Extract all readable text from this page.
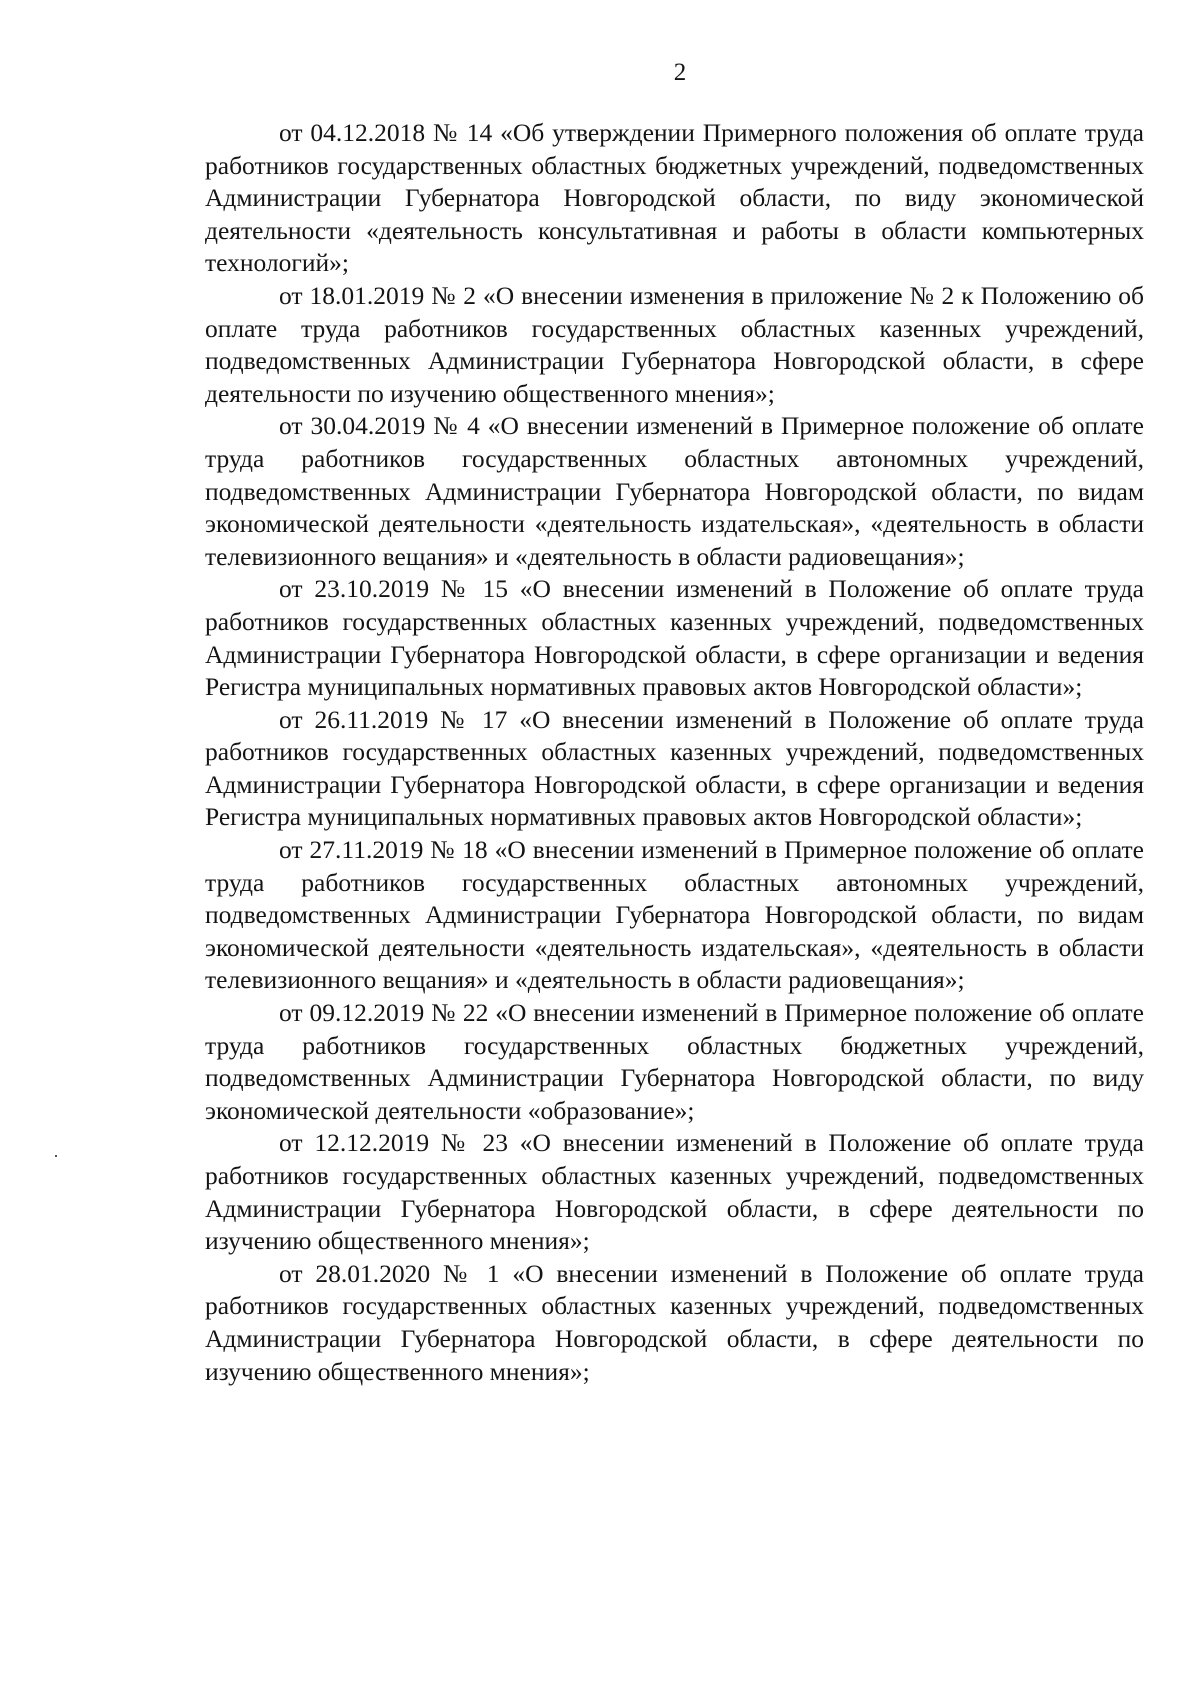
2

от 04.12.2018 № 14 «Об утверждении Примерного положения об оплате труда работников государственных областных бюджетных учреждений, подведомственных Администрации Губернатора Новгородской области, по виду экономической деятельности «деятельность консультативная и работы в области компьютерных технологий»;

от 18.01.2019 № 2 «О внесении изменения в приложение № 2 к Положению об оплате труда работников государственных областных казенных учреждений, подведомственных Администрации Губернатора Новгородской области, в сфере деятельности по изучению общественного мнения»;

от 30.04.2019 № 4 «О внесении изменений в Примерное положение об оплате труда работников государственных областных автономных учреждений, подведомственных Администрации Губернатора Новгородской области, по видам экономической деятельности «деятельность издательская», «деятельность в области телевизионного вещания» и «деятельность в области радиовещания»;

от 23.10.2019 № 15 «О внесении изменений в Положение об оплате труда работников государственных областных казенных учреждений, подведомственных Администрации Губернатора Новгородской области, в сфере организации и ведения Регистра муниципальных нормативных правовых актов Новгородской области»;

от 26.11.2019 № 17 «О внесении изменений в Положение об оплате труда работников государственных областных казенных учреждений, подведомственных Администрации Губернатора Новгородской области, в сфере организации и ведения Регистра муниципальных нормативных правовых актов Новгородской области»;

от 27.11.2019 № 18 «О внесении изменений в Примерное положение об оплате труда работников государственных областных автономных учреждений, подведомственных Администрации Губернатора Новгородской области, по видам экономической деятельности «деятельность издательская», «деятельность в области телевизионного вещания» и «деятельность в области радиовещания»;

от 09.12.2019 № 22 «О внесении изменений в Примерное положение об оплате труда работников государственных областных бюджетных учреждений, подведомственных Администрации Губернатора Новгородской области, по виду экономической деятельности «образование»;

от 12.12.2019 № 23 «О внесении изменений в Положение об оплате труда работников государственных областных казенных учреждений, подведомственных Администрации Губернатора Новгородской области, в сфере деятельности по изучению общественного мнения»;

от 28.01.2020 № 1 «О внесении изменений в Положение об оплате труда работников государственных областных казенных учреждений, подведомственных Администрации Губернатора Новгородской области, в сфере деятельности по изучению общественного мнения»;
